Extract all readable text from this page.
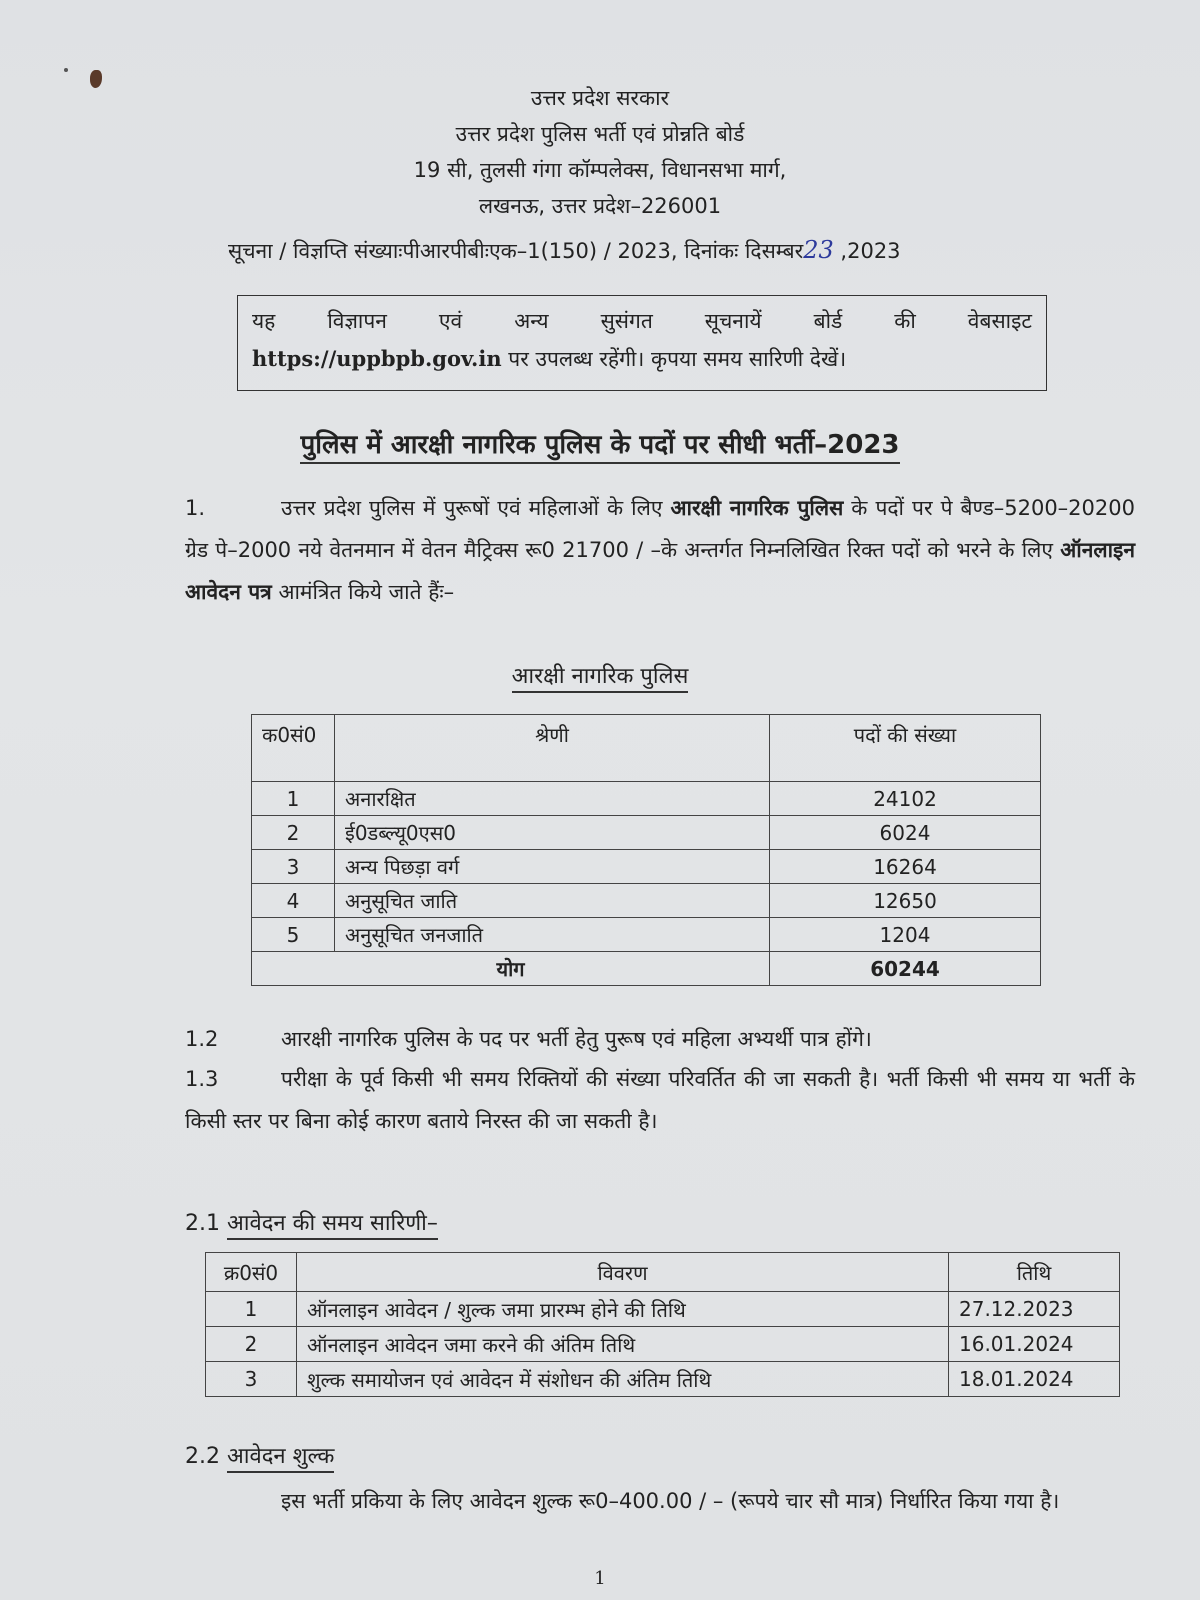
उत्तर प्रदेश सरकार
उत्तर प्रदेश पुलिस भर्ती एवं प्रोन्नति बोर्ड
19 सी, तुलसी गंगा कॉम्पलेक्स, विधानसभा मार्ग,
लखनऊ, उत्तर प्रदेश–226001
सूचना / विज्ञप्ति संख्याःपीआरपीबीःएक–1(150) / 2023, दिनांकः दिसम्बर23 ,2023
यह विज्ञापन एवं अन्य सुसंगत सूचनायें बोर्ड की वेबसाइट
https://uppbpb.gov.in पर उपलब्ध रहेंगी। कृपया समय सारिणी देखें।
पुलिस में आरक्षी नागरिक पुलिस के पदों पर सीधी भर्ती–2023
1.	उत्तर प्रदेश पुलिस में पुरूषों एवं महिलाओं के लिए आरक्षी नागरिक पुलिस के पदों पर पे बैण्ड–5200–20200 ग्रेड पे–2000 नये वेतनमान में वेतन मैट्रिक्स रू0 21700 / –के अन्तर्गत निम्नलिखित रिक्त पदों को भरने के लिए ऑनलाइन आवेदन पत्र आमंत्रित किये जाते हैंः–
आरक्षी नागरिक पुलिस
क0सं0	श्रेणी	पदों की संख्या
1	अनारक्षित	24102
2	ई0डब्ल्यू0एस0	6024
3	अन्य पिछड़ा वर्ग	16264
4	अनुसूचित जाति	12650
5	अनुसूचित जनजाति	1204
योग		60244
1.2	आरक्षी नागरिक पुलिस के पद पर भर्ती हेतु पुरूष एवं महिला अभ्यर्थी पात्र होंगे।
1.3	परीक्षा के पूर्व किसी भी समय रिक्तियों की संख्या परिवर्तित की जा सकती है। भर्ती किसी भी समय या भर्ती के किसी स्तर पर बिना कोई कारण बताये निरस्त की जा सकती है।
2.1 आवेदन की समय सारिणी–
क्र0सं0	विवरण	तिथि
1	ऑनलाइन आवेदन / शुल्क जमा प्रारम्भ होने की तिथि	27.12.2023
2	ऑनलाइन आवेदन जमा करने की अंतिम तिथि	16.01.2024
3	शुल्क समायोजन एवं आवेदन में संशोधन की अंतिम तिथि	18.01.2024
2.2 आवेदन शुल्क
इस भर्ती प्रकिया के लिए आवेदन शुल्क रू0–400.00 / – (रूपये चार सौ मात्र) निर्धारित किया गया है।
1
